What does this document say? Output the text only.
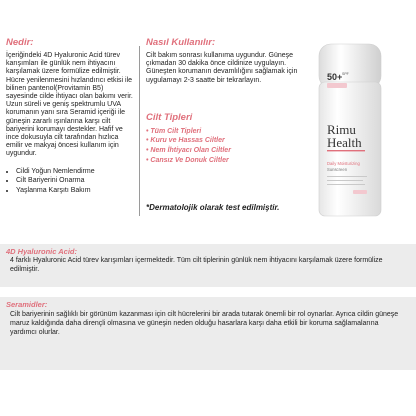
Nedir:

İçeriğindeki 4D Hyaluronic Acid türev karışımları ile günlük nem ihtiyacını karşılamak üzere formülize edilmiştir. Hücre yenilenmesini hızlandırıcı etkisi ile bilinen pantenol(Provitamin B5) sayesinde cilde ihtiyacı olan bakımı verir. Uzun süreli ve geniş spektrumlu UVA korumanın yanı sıra Seramid içeriği ile güneşin zararlı ışınlarına karşı cilt bariyerini korumayı destekler. Hafif ve ince dokusuyla cilt tarafından hızlıca emilir ve makyaj öncesi kullanım için uygundur.

• Cildi Yoğun Nemlendirme
• Cilt Bariyerini Onarma
• Yaşlanma Karşıtı Bakım
Nasıl Kullanılır:

Cilt bakım sonrası kullanıma uygundur. Güneşe çıkmadan 30 dakika önce cildinize uygulayın. Güneşten korumanın devamlılığını sağlamak için uygulamayı 2-3 saatte bir tekrarlayın.

Cilt Tipleri
• Tüm Cilt Tipleri
• Kuru ve Hassas Ciltler
• Nem İhtiyacı Olan Ciltler
• Cansız Ve Donuk Ciltler

*Dermatolojik olarak test edilmiştir.

50+ SPF
Rimu
Health
Daily Moisturizing
Sunscreen
4D Hyaluronic Acid:

4 farklı Hyaluronic Acid türev karışımları içermektedir. Tüm cilt tiplerinin günlük nem ihtiyacını karşılamak üzere formülize edilmiştir.

Seramidler:

Cilt bariyerinin sağlıklı bir görünüm kazanması için cilt hücrelerini bir arada tutarak önemli bir rol oynarlar. Ayrıca cildin güneşe maruz kaldığında daha dirençli olmasına ve güneşin neden olduğu hasarlara karşı daha etkili bir koruma sağlamalarına yardımcı olurlar.
